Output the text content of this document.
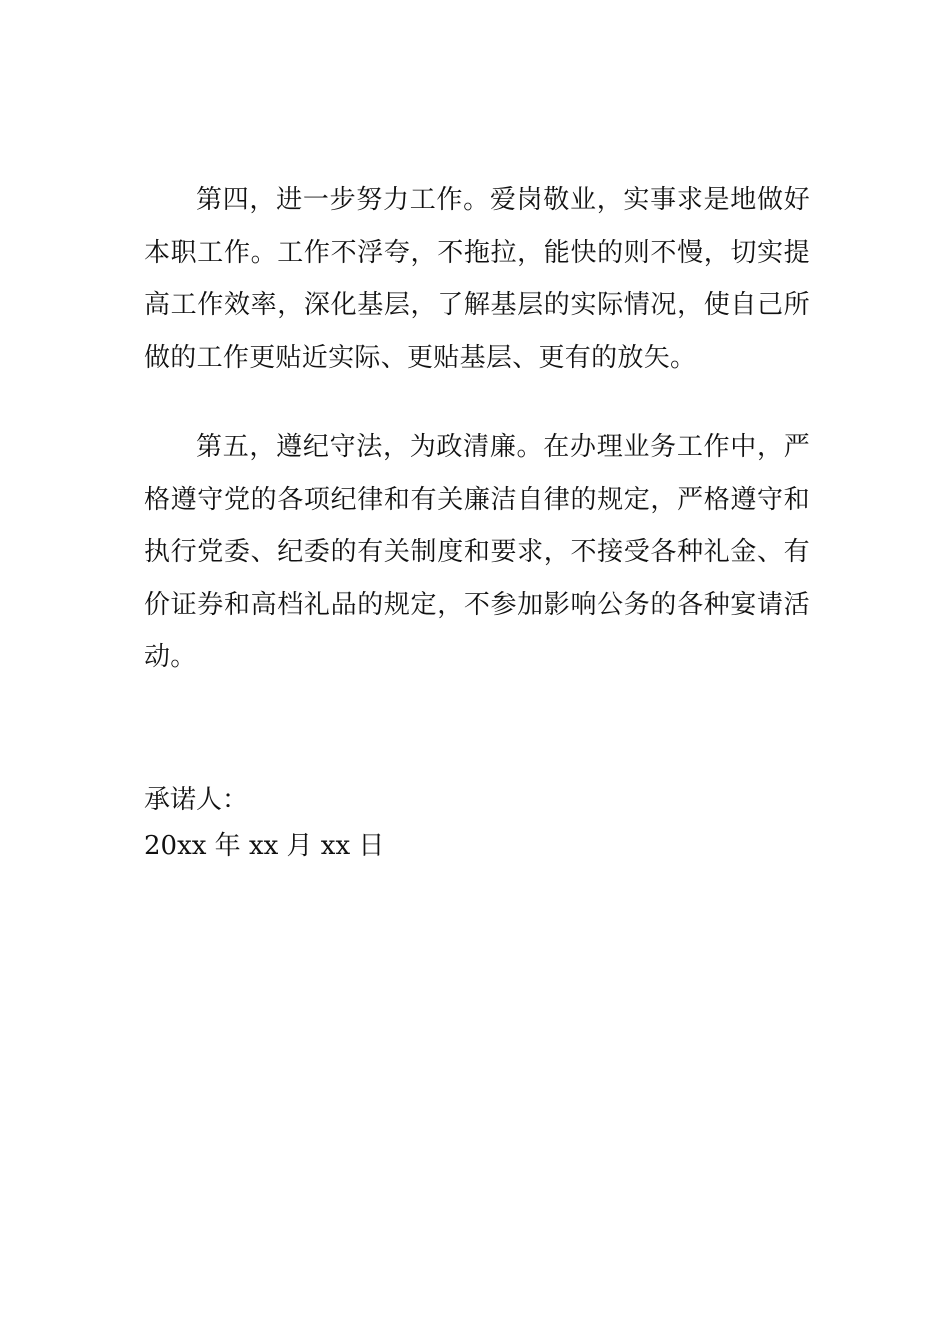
第四，进一步努力工作。爱岗敬业，实事求是地做好本职工作。工作不浮夸，不拖拉，能快的则不慢，切实提高工作效率，深化基层，了解基层的实际情况，使自己所做的工作更贴近实际、更贴基层、更有的放矢。

第五，遵纪守法，为政清廉。在办理业务工作中，严格遵守党的各项纪律和有关廉洁自律的规定，严格遵守和执行党委、纪委的有关制度和要求，不接受各种礼金、有价证券和高档礼品的规定，不参加影响公务的各种宴请活动。

承诺人：

20xx 年 xx 月 xx 日
